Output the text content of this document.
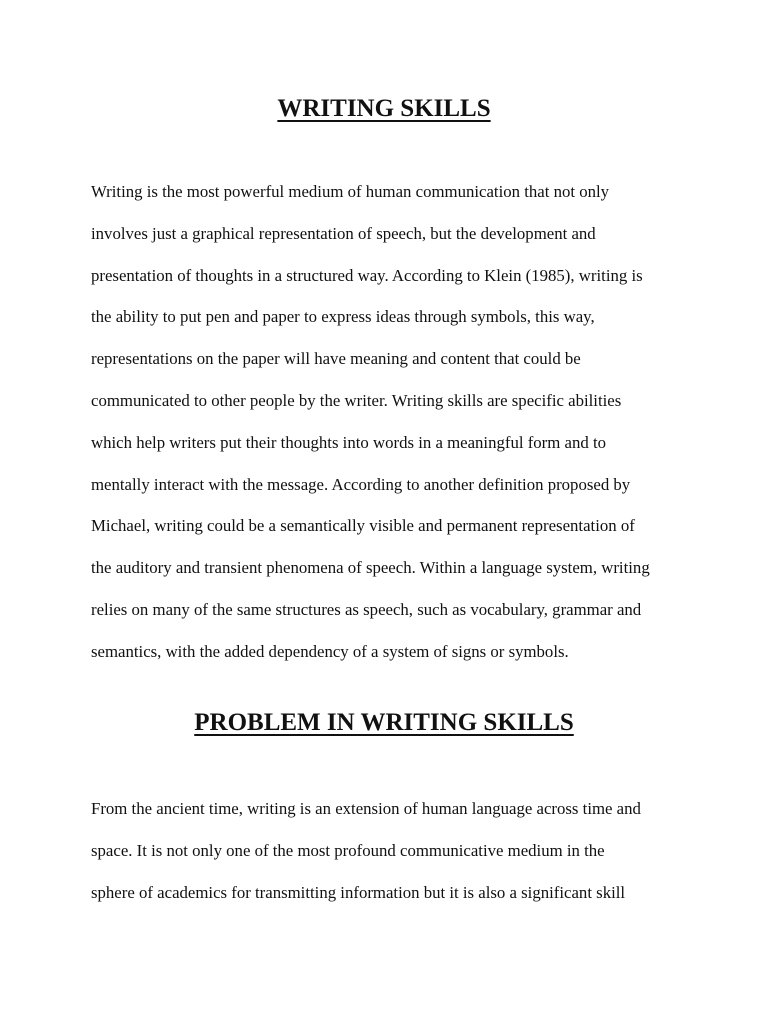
WRITING SKILLS
Writing is the most powerful medium of human communication that not only
involves just a graphical representation of speech, but the development and
presentation of thoughts in a structured way. According to Klein (1985), writing is
the ability to put pen and paper to express ideas through symbols, this way,
representations on the paper will have meaning and content that could be
communicated to other people by the writer. Writing skills are specific abilities
which help writers put their thoughts into words in a meaningful form and to
mentally interact with the message. According to another definition proposed by
Michael, writing could be a semantically visible and permanent representation of
the auditory and transient phenomena of speech. Within a language system, writing
relies on many of the same structures as speech, such as vocabulary, grammar and
semantics, with the added dependency of a system of signs or symbols.
PROBLEM IN WRITING SKILLS
From the ancient time, writing is an extension of human language across time and
space. It is not only one of the most profound communicative medium in the
sphere of academics for transmitting information but it is also a significant skill
